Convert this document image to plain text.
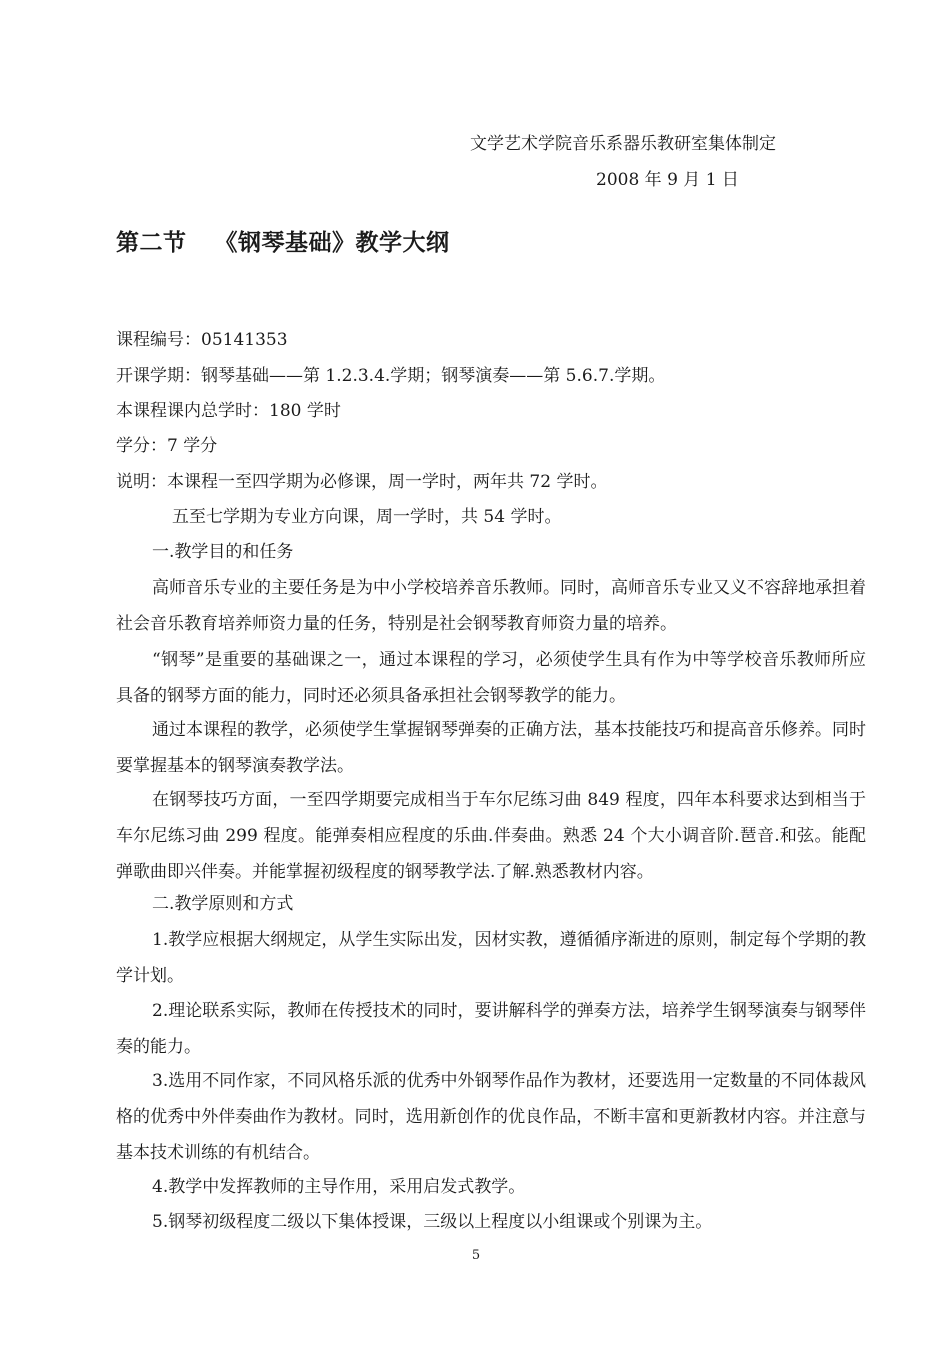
文学艺术学院音乐系器乐教研室集体制定
2008 年 9 月 1 日
第二节 《钢琴基础》教学大纲
课程编号：05141353
开课学期：钢琴基础——第 1.2.3.4.学期；钢琴演奏——第 5.6.7.学期。
本课程课内总学时：180 学时
学分：7 学分
说明：本课程一至四学期为必修课，周一学时，两年共 72 学时。
五至七学期为专业方向课，周一学时，共 54 学时。
一.教学目的和任务
高师音乐专业的主要任务是为中小学校培养音乐教师。同时，高师音乐专业又义不容辞地承担着社会音乐教育培养师资力量的任务，特别是社会钢琴教育师资力量的培养。
“钢琴”是重要的基础课之一，通过本课程的学习，必须使学生具有作为中等学校音乐教师所应具备的钢琴方面的能力，同时还必须具备承担社会钢琴教学的能力。
通过本课程的教学，必须使学生掌握钢琴弹奏的正确方法，基本技能技巧和提高音乐修养。同时要掌握基本的钢琴演奏教学法。
在钢琴技巧方面，一至四学期要完成相当于车尔尼练习曲 849 程度，四年本科要求达到相当于车尔尼练习曲 299 程度。能弹奏相应程度的乐曲.伴奏曲。熟悉 24 个大小调音阶.琶音.和弦。能配弹歌曲即兴伴奏。并能掌握初级程度的钢琴教学法.了解.熟悉教材内容。
二.教学原则和方式
1.教学应根据大纲规定，从学生实际出发，因材实教，遵循循序渐进的原则，制定每个学期的教学计划。
2.理论联系实际，教师在传授技术的同时，要讲解科学的弹奏方法，培养学生钢琴演奏与钢琴伴奏的能力。
3.选用不同作家，不同风格乐派的优秀中外钢琴作品作为教材，还要选用一定数量的不同体裁风格的优秀中外伴奏曲作为教材。同时，选用新创作的优良作品，不断丰富和更新教材内容。并注意与基本技术训练的有机结合。
4.教学中发挥教师的主导作用，采用启发式教学。
5.钢琴初级程度二级以下集体授课，三级以上程度以小组课或个别课为主。
5
